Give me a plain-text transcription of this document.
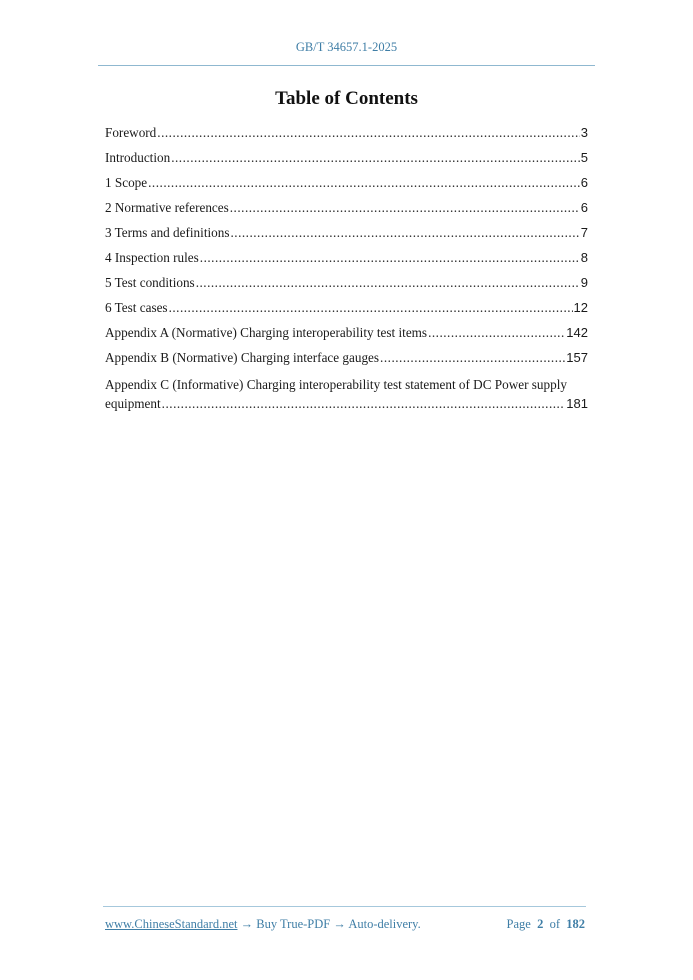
GB/T 34657.1-2025
Table of Contents
Foreword .....	3
Introduction .....	5
1 Scope .....	6
2 Normative references .....	6
3 Terms and definitions .....	7
4 Inspection rules .....	8
5 Test conditions .....	9
6 Test cases .....	12
Appendix A (Normative) Charging interoperability test items .....	142
Appendix B (Normative) Charging interface gauges .....	157
Appendix C (Informative) Charging interoperability test statement of DC Power supply
equipment .....	181
www.ChineseStandard.net → Buy True-PDF → Auto-delivery.	Page 2 of 182
